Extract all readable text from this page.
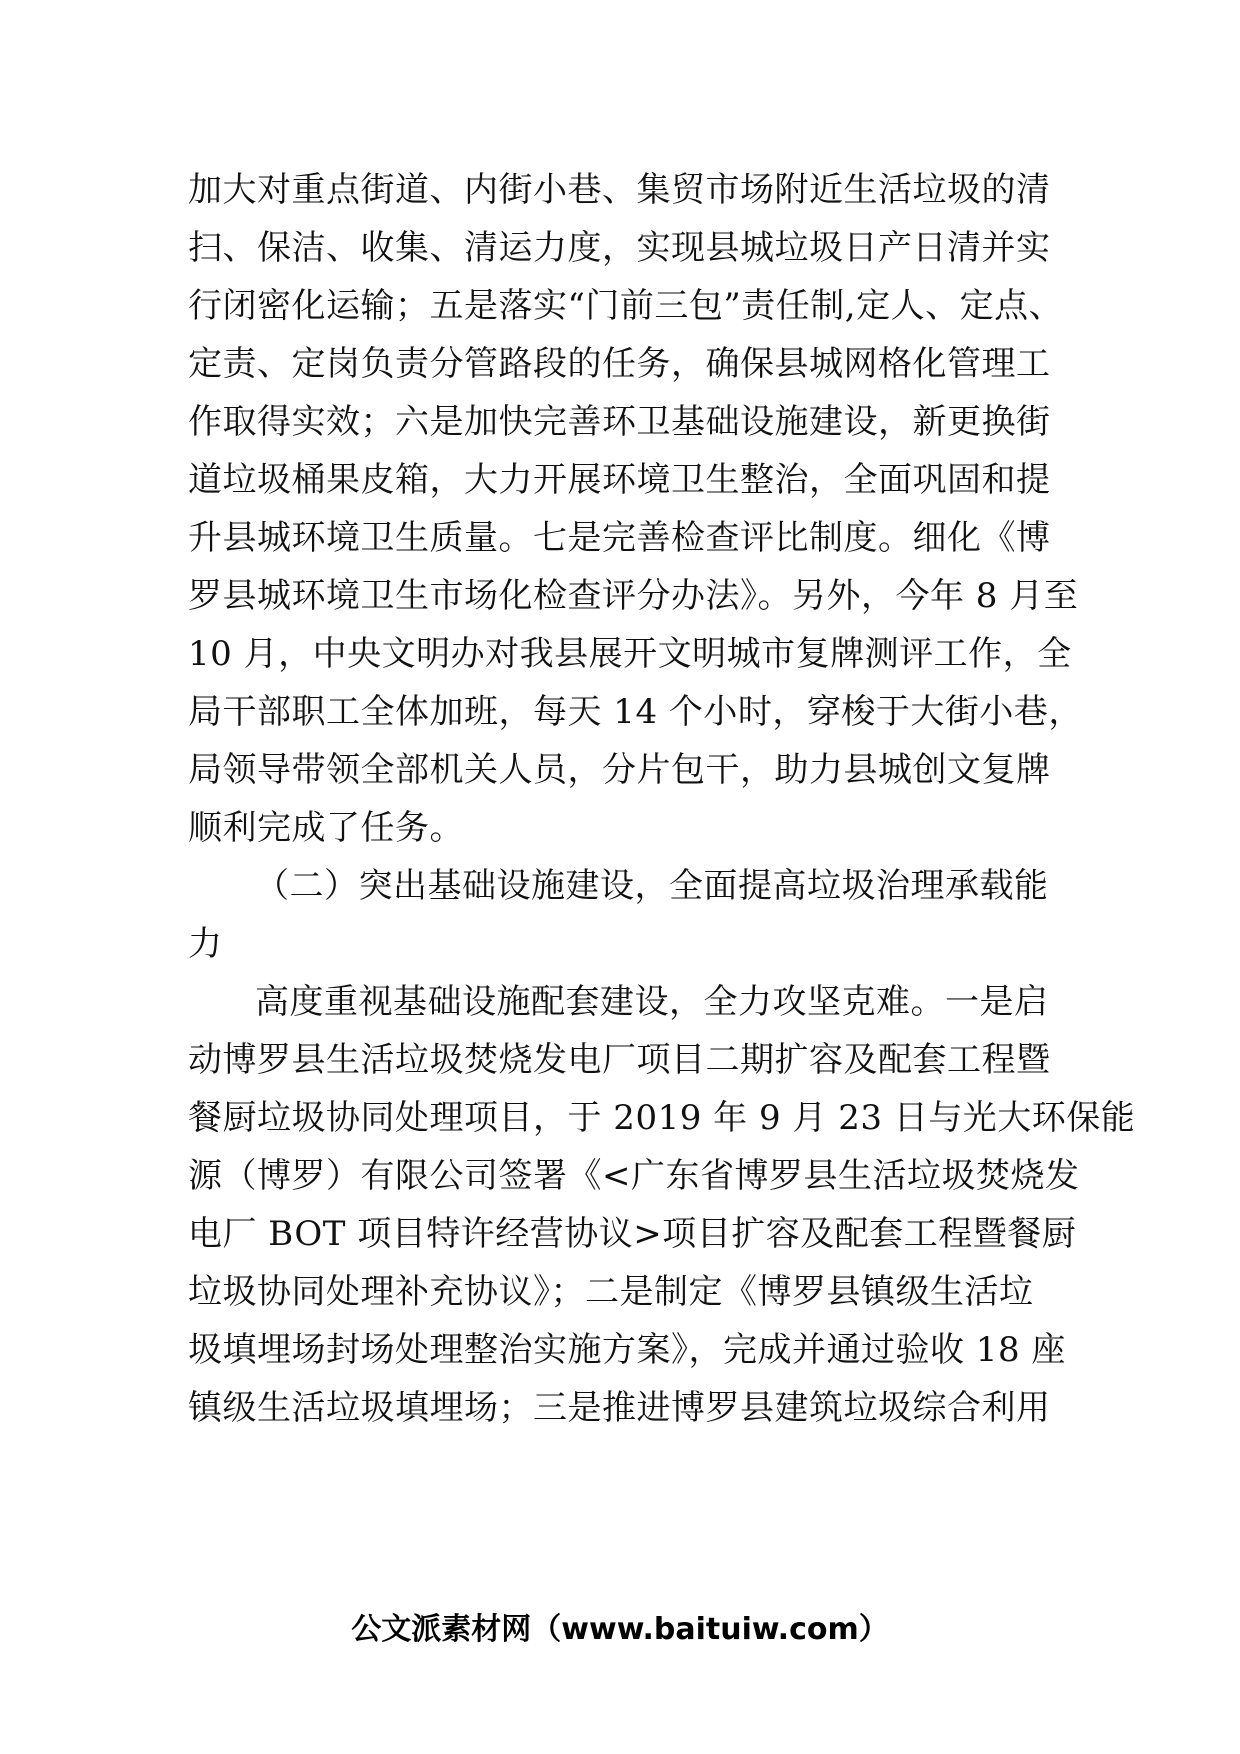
加大对重点街道、内街小巷、集贸市场附近生活垃圾的清
扫、保洁、收集、清运力度，实现县城垃圾日产日清并实
行闭密化运输；五是落实“门前三包”责任制,定人、定点、
定责、定岗负责分管路段的任务，确保县城网格化管理工
作取得实效；六是加快完善环卫基础设施建设，新更换街
道垃圾桶果皮箱，大力开展环境卫生整治，全面巩固和提
升县城环境卫生质量。七是完善检查评比制度。细化《博
罗县城环境卫生市场化检查评分办法》。另外，今年 8 月至
10 月，中央文明办对我县展开文明城市复牌测评工作，全
局干部职工全体加班，每天 14 个小时，穿梭于大街小巷，
局领导带领全部机关人员，分片包干，助力县城创文复牌
顺利完成了任务。
（二）突出基础设施建设，全面提高垃圾治理承载能
力
高度重视基础设施配套建设，全力攻坚克难。一是启
动博罗县生活垃圾焚烧发电厂项目二期扩容及配套工程暨
餐厨垃圾协同处理项目，于 2019 年 9 月 23 日与光大环保能
源（博罗）有限公司签署《<广东省博罗县生活垃圾焚烧发
电厂 BOT 项目特许经营协议>项目扩容及配套工程暨餐厨
垃圾协同处理补充协议》；二是制定《博罗县镇级生活垃
圾填埋场封场处理整治实施方案》，完成并通过验收 18 座
镇级生活垃圾填埋场；三是推进博罗县建筑垃圾综合利用
公文派素材网（www.baituiw.com）
